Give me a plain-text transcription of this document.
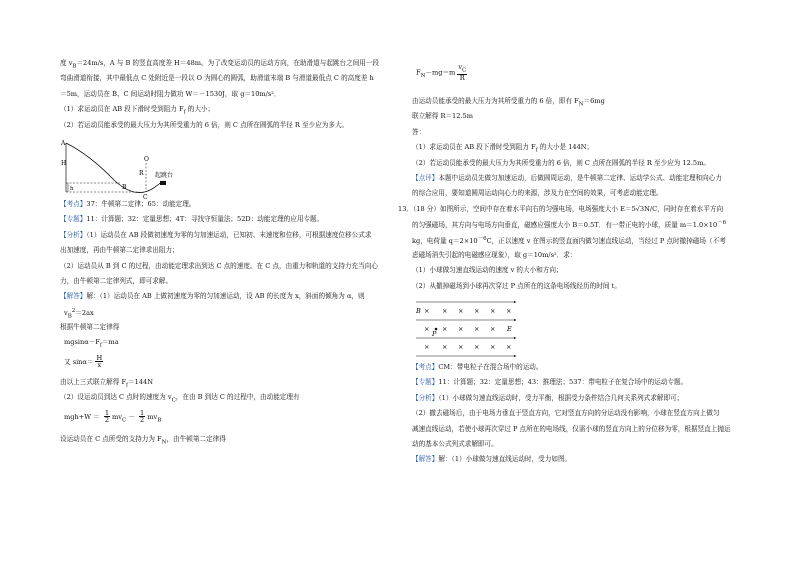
度 $v_B=24m/s$，A 与 B 的竖直高度差 H＝48m。为了改变运动员的运动方向，在助滑道与起跳台之间用一段
弯曲滑道衔接，其中最低点 C 处附近是一段以 O 为圆心的圆弧，助滑道末端 B 与滑道最低点 C 的高度差 h
＝5m，运动员在 B、C 间运动时阻力做功 W＝－1530J，取 g＝10m/s²．
（1）求运动员在 AB 段下滑时受到阻力 $F_f$ 的大小；
（2）若运动员能承受的最大压力为其所受重力的 6 倍，则 C 点所在圆弧的半径 R 至少应为多大。
A
H
B
h
C
O
R 起跳台
【考点】37：牛顿第二定律；65：动能定理。
【专题】11：计算题；32：定量思想；4T：寻找守恒量法；52D：动能定理的应用专题。
【分析】（1）运动员在 AB 段做初速度为零的匀加速运动，已知初、末速度和位移，可根据速度位移公式求
出加速度，再由牛顿第二定律求出阻力；
（2）运动员从 B 到 C 的过程，由动能定理求出到达 C 点的速度。在 C 点，由重力和轨道的支持力充当向心
力，由牛顿第二定律列式，即可求解。
【解答】解：（1）运动员在 AB 上做初速度为零的匀加速运动，设 AB 的长度为 x，斜面的倾角为 α，则
$v_B^2=2ax$
根据牛顿第二定律得
$mgsin\alpha-F_f=ma$
又 $\sin\alpha= \frac{H}{x}$
由以上三式联立解得 $F_f=144N$
（2）设运动员到达 C 点时的速度为 $v_C$，在由 B 到达 C 的过程中，由动能定理有
$mgh+W = \frac{1}{2} mv_C - \frac{1}{2} mv_B$
设运动员在 C 点所受的支持力为 $F_N$，由牛顿第二定律得
$F_N-mg=m \frac{v_C}{R}$
由运动员能承受的最大压力为其所受重力的 6 倍，即有 $F_N=6mg$
联立解得 R＝12.5m
答：
（1）求运动员在 AB 段下滑时受到阻力 $F_f$ 的大小是 144N；
（2）若运动员能承受的最大压力为其所受重力的 6 倍，则 C 点所在圆弧的半径 R 至少应为 12.5m。
【点评】本题中运动员先做匀加速运动，后做圆周运动，是牛顿第二定律、运动学公式、动能定理和向心力
的综合应用，要知道圆周运动向心力的来源，涉及力在空间的效果，可考虑动能定理。
13．（18 分）如图所示，空间中存在着水平向右的匀强电场，电场强度大小 E＝5√3N/C，同时存在着水平方向
的匀强磁场，其方向与电场方向垂直，磁感应强度大小 B＝0.5T．有一带正电的小球，质量 $m=1.0\times 10^{-6}$
kg，电荷量 $q=2\times 10^{-6}C$，正以速度 v 在图示的竖直面内做匀速直线运动，当经过 P 点时撤掉磁场（不考
虑磁场消失引起的电磁感应现象），取 g＝10m/s²．求：
（1）小球做匀速直线运动的速度 v 的大小和方向；
（2）从撤掉磁场到小球再次穿过 P 点所在的这条电场线经历的时间 t。
× × × × × ×
× × × × ×
× × × × × ×
B
P
E
【考点】CM：带电粒子在混合场中的运动。
【专题】11：计算题；32：定量思想；43：推理法；537：带电粒子在复合场中的运动专题。
【分析】（1）小球做匀速直线运动时，受力平衡，根据受力条件结合几何关系列式求解即可；
（2）撤去磁场后，由于电场力垂直于竖直方向，它对竖直方向的分运动没有影响，小球在竖直方向上做匀
减速直线运动，若使小球再次穿过 P 点所在的电场线，仅需小球的竖直方向上的分位移为零，根据竖直上抛运
动的基本公式列式求解即可。
【解答】解：（1）小球做匀速直线运动时，受力如图。
